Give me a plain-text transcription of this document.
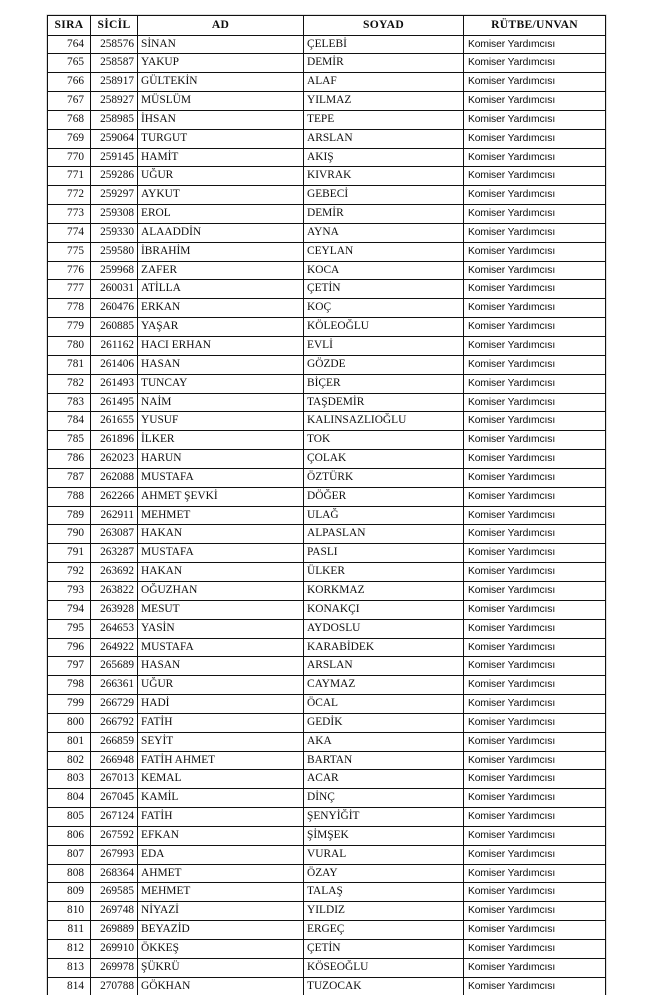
SIRA	SİCİL	AD	SOYAD	RÜTBE/UNVAN
764	258576	SİNAN	ÇELEBİ	Komiser Yardımcısı
765	258587	YAKUP	DEMİR	Komiser Yardımcısı
766	258917	GÜLTEKİN	ALAF	Komiser Yardımcısı
767	258927	MÜSLÜM	YILMAZ	Komiser Yardımcısı
768	258985	İHSAN	TEPE	Komiser Yardımcısı
769	259064	TURGUT	ARSLAN	Komiser Yardımcısı
770	259145	HAMİT	AKIŞ	Komiser Yardımcısı
771	259286	UĞUR	KIVRAK	Komiser Yardımcısı
772	259297	AYKUT	GEBECİ	Komiser Yardımcısı
773	259308	EROL	DEMİR	Komiser Yardımcısı
774	259330	ALAADDİN	AYNA	Komiser Yardımcısı
775	259580	İBRAHİM	CEYLAN	Komiser Yardımcısı
776	259968	ZAFER	KOCA	Komiser Yardımcısı
777	260031	ATİLLA	ÇETİN	Komiser Yardımcısı
778	260476	ERKAN	KOÇ	Komiser Yardımcısı
779	260885	YAŞAR	KÖLEOĞLU	Komiser Yardımcısı
780	261162	HACI ERHAN	EVLİ	Komiser Yardımcısı
781	261406	HASAN	GÖZDE	Komiser Yardımcısı
782	261493	TUNCAY	BİÇER	Komiser Yardımcısı
783	261495	NAİM	TAŞDEMİR	Komiser Yardımcısı
784	261655	YUSUF	KALINSAZLIOĞLU	Komiser Yardımcısı
785	261896	İLKER	TOK	Komiser Yardımcısı
786	262023	HARUN	ÇOLAK	Komiser Yardımcısı
787	262088	MUSTAFA	ÖZTÜRK	Komiser Yardımcısı
788	262266	AHMET ŞEVKİ	DÖĞER	Komiser Yardımcısı
789	262911	MEHMET	ULAĞ	Komiser Yardımcısı
790	263087	HAKAN	ALPASLAN	Komiser Yardımcısı
791	263287	MUSTAFA	PASLI	Komiser Yardımcısı
792	263692	HAKAN	ÜLKER	Komiser Yardımcısı
793	263822	OĞUZHAN	KORKMAZ	Komiser Yardımcısı
794	263928	MESUT	KONAKÇI	Komiser Yardımcısı
795	264653	YASİN	AYDOSLU	Komiser Yardımcısı
796	264922	MUSTAFA	KARABİDEK	Komiser Yardımcısı
797	265689	HASAN	ARSLAN	Komiser Yardımcısı
798	266361	UĞUR	CAYMAZ	Komiser Yardımcısı
799	266729	HADİ	ÖCAL	Komiser Yardımcısı
800	266792	FATİH	GEDİK	Komiser Yardımcısı
801	266859	SEYİT	AKA	Komiser Yardımcısı
802	266948	FATİH AHMET	BARTAN	Komiser Yardımcısı
803	267013	KEMAL	ACAR	Komiser Yardımcısı
804	267045	KAMİL	DİNÇ	Komiser Yardımcısı
805	267124	FATİH	ŞENYİĞİT	Komiser Yardımcısı
806	267592	EFKAN	ŞİMŞEK	Komiser Yardımcısı
807	267993	EDA	VURAL	Komiser Yardımcısı
808	268364	AHMET	ÖZAY	Komiser Yardımcısı
809	269585	MEHMET	TALAŞ	Komiser Yardımcısı
810	269748	NİYAZİ	YILDIZ	Komiser Yardımcısı
811	269889	BEYAZİD	ERGEÇ	Komiser Yardımcısı
812	269910	ÖKKEŞ	ÇETİN	Komiser Yardımcısı
813	269978	ŞÜKRÜ	KÖSEOĞLU	Komiser Yardımcısı
814	270788	GÖKHAN	TUZOCAK	Komiser Yardımcısı
